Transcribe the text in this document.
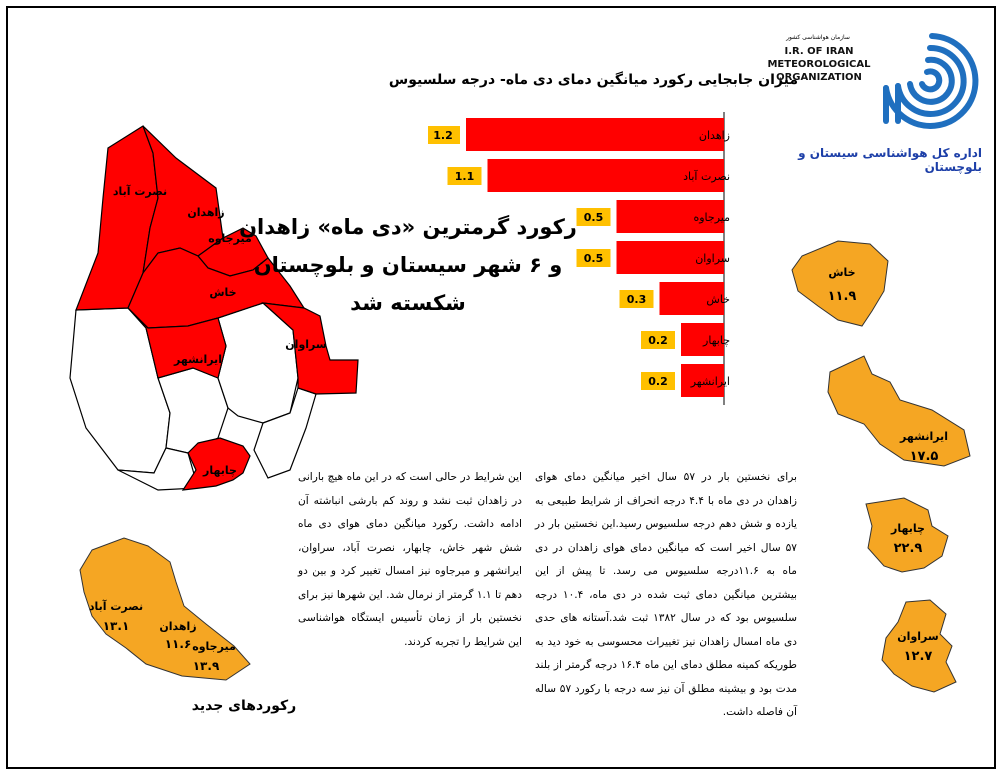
نصرت آباد
زاهدان
میرجاوه
خاش
سراوان
ایرانشهر
چابهار
میزان جابجایی رکورد میانگین دمای دی ماه- درجه سلسیوس
سازمان هواشناسی کشور
I.R. OF IRAN
METEOROLOGICAL
ORGANIZATION
اداره کل هواشناسی سیستان و بلوچستان
رکورد گرمترین «دی ماه» زاهدان و ۶ شهر سیستان و بلوچستان شکسته شد
1.2	زاهدان
1.1	نصرت آباد
0.5	میرجاوه
0.5	سراوان
0.3	خاش
0.2	چابهار
0.2 ایرانشهر
خاش
۱۱.۹
ایرانشهر
۱۷.۵
چابهار
۲۲.۹
سراوان
۱۲.۷
نصرت آباد
۱۳.۱	زاهدان
۱۱.۶ میرجاوه
۱۳.۹
رکوردهای جدید
برای نخستین بار در ۵۷ سال اخیر میانگین دمای هوای زاهدان در دی ماه با ۴.۴ درجه انحراف از شرایط طبیعی به یازده و شش دهم درجه سلسیوس رسید.این نخستین بار در ۵۷ سال اخیر است که میانگین دمای هوای زاهدان در دی ماه به ۱۱.۶درجه سلسیوس می رسد. تا پیش از این بیشترین میانگین دمای ثبت شده در دی ماه، ۱۰.۴ درجه سلسیوس بود که در سال ۱۳۸۲ ثبت شد.آستانه های حدی دی ماه امسال زاهدان نیز تغییرات محسوسی به خود دید به طوریکه کمینه مطلق دمای این ماه ۱۶.۴ درجه گرمتر از بلند مدت بود و بیشینه مطلق آن نیز سه درجه با رکورد ۵۷ ساله آن فاصله داشت.
این شرایط در حالی است که در این ماه هیچ بارانی در زاهدان ثبت نشد و روند کم بارشی انباشته آن ادامه داشت. رکورد میانگین دمای هوای دی ماه شش شهر خاش، چابهار، نصرت آباد، سراوان، ایرانشهر و میرجاوه نیز امسال تغییر کرد و بین دو دهم تا ۱.۱ گرمتر از نرمال شد. این شهرها نیز برای نخستین بار از زمان تأسیس ایستگاه هواشناسی این شرایط را تجربه کردند.
